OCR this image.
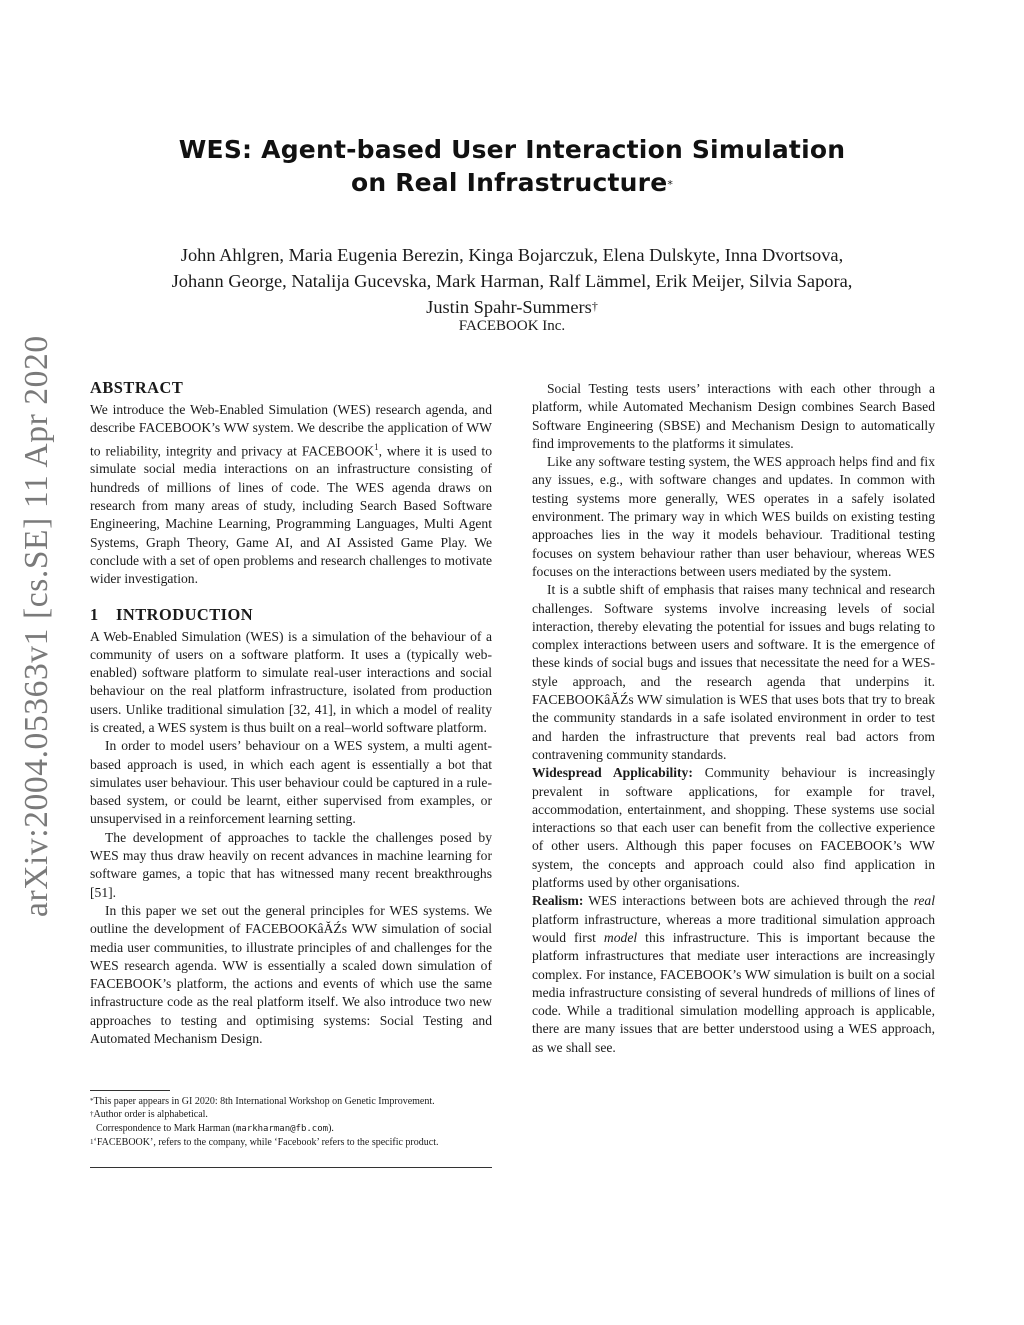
WES: Agent-based User Interaction Simulation
on Real Infrastructure*
John Ahlgren, Maria Eugenia Berezin, Kinga Bojarczuk, Elena Dulskyte, Inna Dvortsova,
Johann George, Natalija Gucevska, Mark Harman, Ralf Lämmel, Erik Meijer, Silvia Sapora,
Justin Spahr-Summers†
FACEBOOK Inc.
arXiv:2004.05363v1 [cs.SE] 11 Apr 2020 ABSTRACT

We introduce the Web-Enabled Simulation (WES) research agenda, and describe FACEBOOK’s WW system. We describe the application of WW to reliability, integrity and privacy at FACEBOOK$^1$, where it is used to simulate social media interactions on an infrastructure consisting of hundreds of millions of lines of code. The WES agenda draws on research from many areas of study, including Search Based Software Engineering, Machine Learning, Programming Languages, Multi Agent Systems, Graph Theory, Game AI, and AI Assisted Game Play. We conclude with a set of open problems and research challenges to motivate wider investigation.

1 INTRODUCTION

A Web-Enabled Simulation (WES) is a simulation of the behaviour of a community of users on a software platform. It uses a (typically web-enabled) software platform to simulate real-user interactions and social behaviour on the real platform infrastructure, isolated from production users. Unlike traditional simulation [32, 41], in which a model of reality is created, a WES system is thus built on a real–world software platform.

In order to model users’ behaviour on a WES system, a multi agent-based approach is used, in which each agent is essentially a bot that simulates user behaviour. This user behaviour could be captured in a rule-based system, or could be learnt, either supervised from examples, or unsupervised in a reinforcement learning setting.

The development of approaches to tackle the challenges posed by WES may thus draw heavily on recent advances in machine learning for software games, a topic that has witnessed many recent breakthroughs [51].

In this paper we set out the general principles for WES systems. We outline the development of FACEBOOKâĂŹs WW simulation of social media user communities, to illustrate principles of and challenges for the WES research agenda. WW is essentially a scaled down simulation of FACEBOOK’s platform, the actions and events of which use the same infrastructure code as the real platform itself. We also introduce two new approaches to testing and optimising systems: Social Testing and Automated Mechanism Design.

*This paper appears in GI 2020: 8th International Workshop on Genetic Improvement.
†Author order is alphabetical.
Correspondence to Mark Harman (markharman@fb.com).
$^1$‘FACEBOOK’, refers to the company, while ‘Facebook’ refers to the specific product.

Social Testing tests users’ interactions with each other through a platform, while Automated Mechanism Design combines Search Based Software Engineering (SBSE) and Mechanism Design to automatically find improvements to the platforms it simulates.

Like any software testing system, the WES approach helps find and fix any issues, e.g., with software changes and updates. In common with testing systems more generally, WES operates in a safely isolated environment. The primary way in which WES builds on existing testing approaches lies in the way it models behaviour. Traditional testing focuses on system behaviour rather than user behaviour, whereas WES focuses on the interactions between users mediated by the system.

It is a subtle shift of emphasis that raises many technical and research challenges. Software systems involve increasing levels of social interaction, thereby elevating the potential for issues and bugs relating to complex interactions between users and software. It is the emergence of these kinds of social bugs and issues that necessitate the need for a WES-style approach, and the research agenda that underpins it. FACEBOOKâĂŹs WW simulation is WES that uses bots that try to break the community standards in a safe isolated environment in order to test and harden the infrastructure that prevents real bad actors from contravening community standards.

Widespread Applicability: Community behaviour is increasingly prevalent in software applications, for example for travel, accommodation, entertainment, and shopping. These systems use social interactions so that each user can benefit from the collective experience of other users. Although this paper focuses on FACEBOOK’s WW system, the concepts and approach could also find application in platforms used by other organisations.

Realism: WES interactions between bots are achieved through the real platform infrastructure, whereas a more traditional simulation approach would first model this infrastructure. This is important because the platform infrastructures that mediate user interactions are increasingly complex. For instance, FACEBOOK’s WW simulation is built on a social media infrastructure consisting of several hundreds of millions of lines of code. While a traditional simulation modelling approach is applicable, there are many issues that are better understood using a WES approach, as we shall see.
